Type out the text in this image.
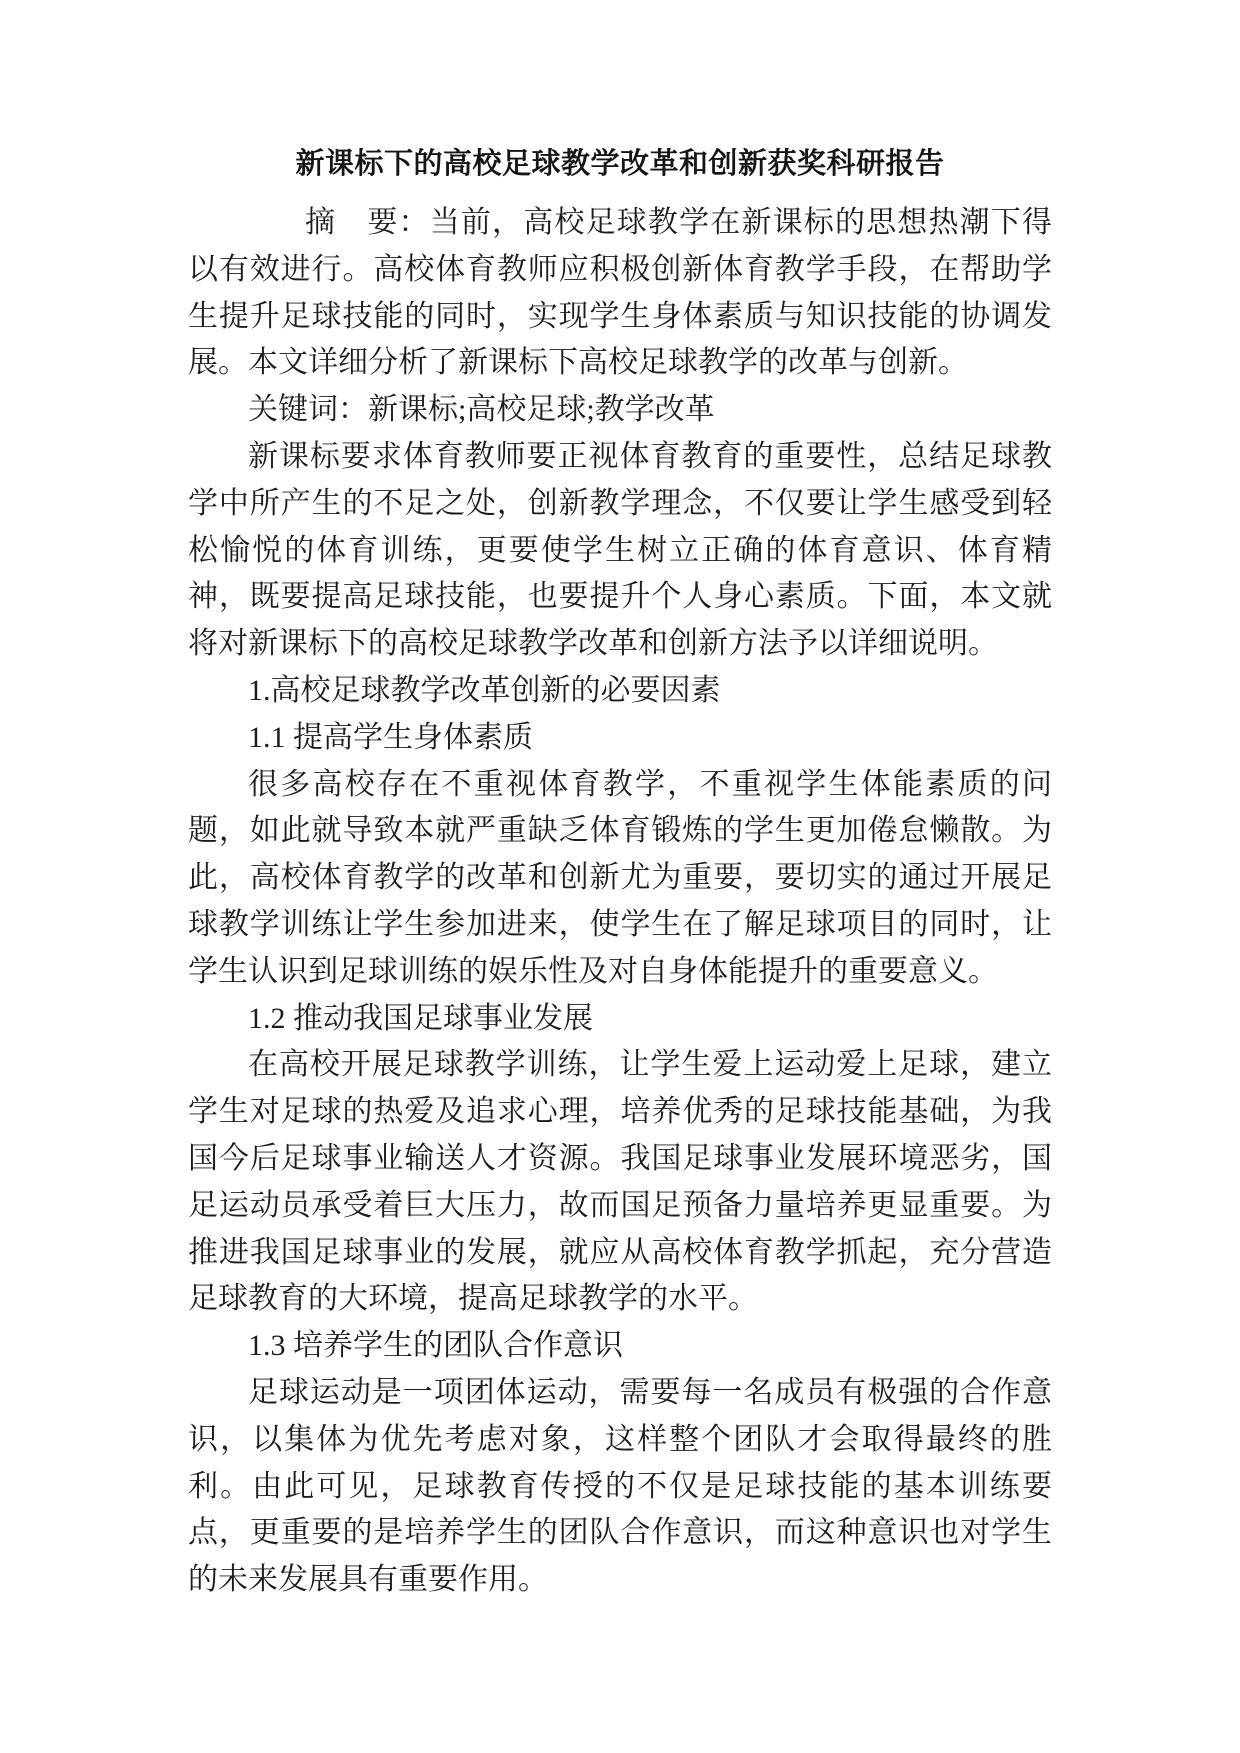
新课标下的高校足球教学改革和创新获奖科研报告

摘　要：当前，高校足球教学在新课标的思想热潮下得以有效进行。高校体育教师应积极创新体育教学手段，在帮助学生提升足球技能的同时，实现学生身体素质与知识技能的协调发展。本文详细分析了新课标下高校足球教学的改革与创新。

关键词：新课标;高校足球;教学改革

新课标要求体育教师要正视体育教育的重要性，总结足球教学中所产生的不足之处，创新教学理念，不仅要让学生感受到轻松愉悦的体育训练，更要使学生树立正确的体育意识、体育精神，既要提高足球技能，也要提升个人身心素质。下面，本文就将对新课标下的高校足球教学改革和创新方法予以详细说明。

1.高校足球教学改革创新的必要因素

1.1 提高学生身体素质

很多高校存在不重视体育教学，不重视学生体能素质的问题，如此就导致本就严重缺乏体育锻炼的学生更加倦怠懒散。为此，高校体育教学的改革和创新尤为重要，要切实的通过开展足球教学训练让学生参加进来，使学生在了解足球项目的同时，让学生认识到足球训练的娱乐性及对自身体能提升的重要意义。

1.2 推动我国足球事业发展

在高校开展足球教学训练，让学生爱上运动爱上足球，建立学生对足球的热爱及追求心理，培养优秀的足球技能基础，为我国今后足球事业输送人才资源。我国足球事业发展环境恶劣，国足运动员承受着巨大压力，故而国足预备力量培养更显重要。为推进我国足球事业的发展，就应从高校体育教学抓起，充分营造足球教育的大环境，提高足球教学的水平。

1.3 培养学生的团队合作意识

足球运动是一项团体运动，需要每一名成员有极强的合作意识，以集体为优先考虑对象，这样整个团队才会取得最终的胜利。由此可见，足球教育传授的不仅是足球技能的基本训练要点，更重要的是培养学生的团队合作意识，而这种意识也对学生的未来发展具有重要作用。
